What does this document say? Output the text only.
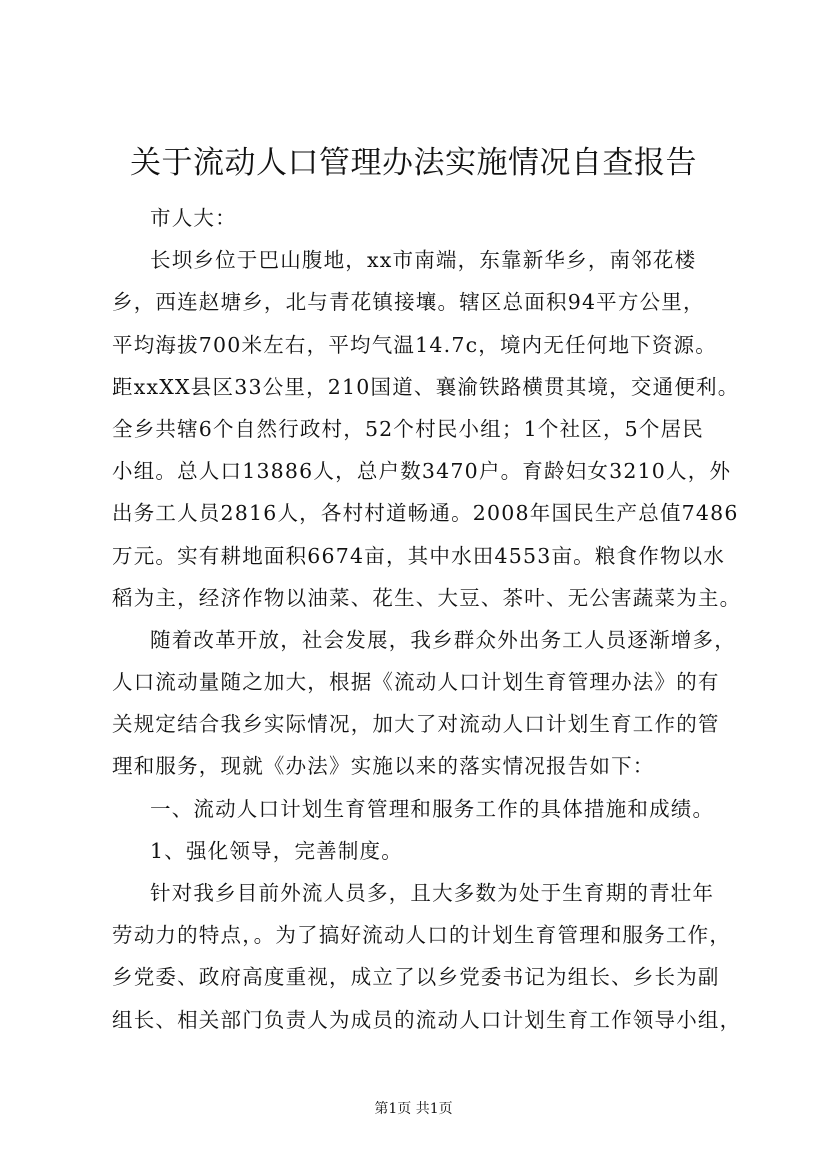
关于流动人口管理办法实施情况自查报告
市人大：
长坝乡位于巴山腹地，xx市南端，东靠新华乡，南邻花楼
乡，西连赵塘乡，北与青花镇接壤。辖区总面积94平方公里，
平均海拔700米左右，平均气温14.7c，境内无任何地下资源。
距xxXX县区33公里，210国道、襄渝铁路横贯其境，交通便利。
全乡共辖6个自然行政村，52个村民小组；1个社区，5个居民
小组。总人口13886人，总户数3470户。育龄妇女3210人，外
出务工人员2816人，各村村道畅通。2008年国民生产总值7486
万元。实有耕地面积6674亩，其中水田4553亩。粮食作物以水
稻为主，经济作物以油菜、花生、大豆、茶叶、无公害蔬菜为主。
随着改革开放，社会发展，我乡群众外出务工人员逐渐增多，
人口流动量随之加大，根据《流动人口计划生育管理办法》的有
关规定结合我乡实际情况，加大了对流动人口计划生育工作的管
理和服务，现就《办法》实施以来的落实情况报告如下：
一、流动人口计划生育管理和服务工作的具体措施和成绩。
1、强化领导，完善制度。
针对我乡目前外流人员多，且大多数为处于生育期的青壮年
劳动力的特点，。为了搞好流动人口的计划生育管理和服务工作，
乡党委、政府高度重视，成立了以乡党委书记为组长、乡长为副
组长、相关部门负责人为成员的流动人口计划生育工作领导小组，
第1页 共1页
